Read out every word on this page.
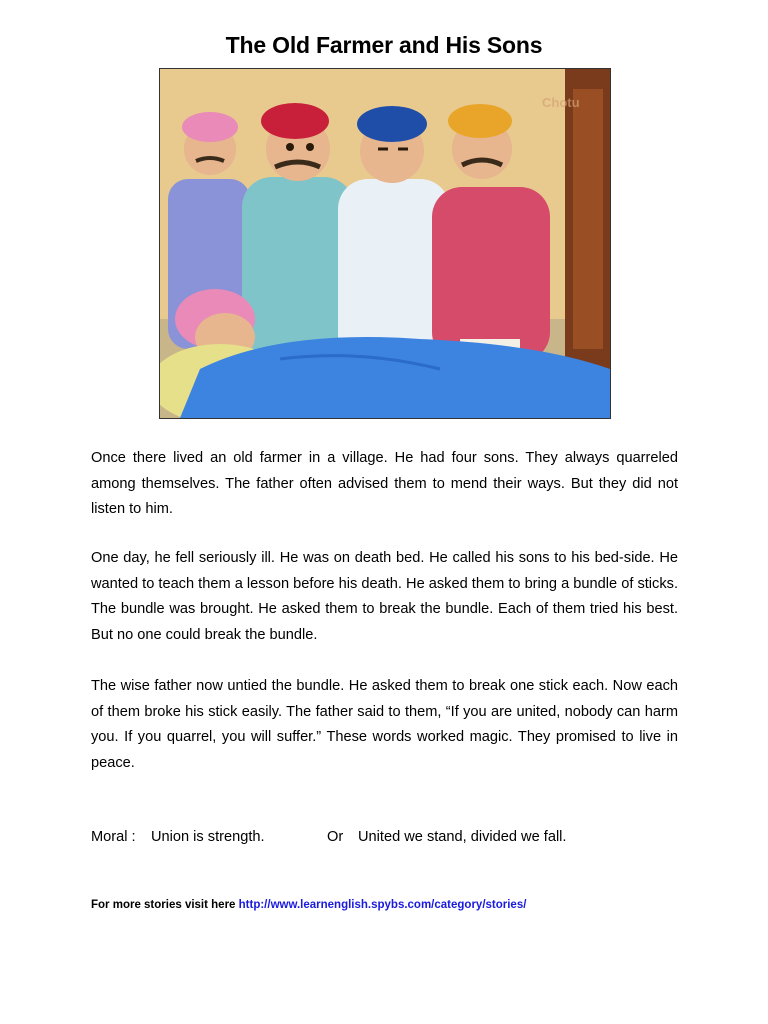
The Old Farmer and His Sons
Chotu

Once there lived an old farmer in a village. He had four sons. They always quarreled among themselves. The father often advised them to mend their ways. But they did not listen to him.

One day, he fell seriously ill. He was on death bed. He called his sons to his bed-side. He wanted to teach them a lesson before his death. He asked them to bring a bundle of sticks. The bundle was brought. He asked them to break the bundle. Each of them tried his best. But no one could break the bundle.

The wise father now untied the bundle. He asked them to break one stick each. Now each of them broke his stick easily. The father said to them, “If you are united, nobody can harm you. If you quarrel, you will suffer.” These words worked magic. They promised to live in peace.

Moral : Union is strength.	Or United we stand, divided we fall.
For more stories visit here http://www.learnenglish.spybs.com/category/stories/
